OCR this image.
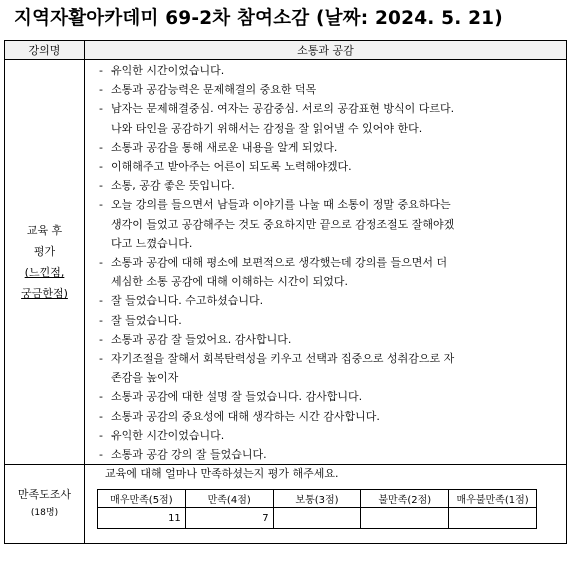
지역자활아카데미 69-2차 참여소감 (날짜: 2024. 5. 21)
강의명	소통과 공감

교육 후
평가
(느낀점,
궁금한점)

- 유익한 시간이었습니다.
- 소통과 공감능력은 문제해결의 중요한 덕목
- 남자는 문제해결중심. 여자는 공감중심. 서로의 공감표현 방식이 다르다.
나와 타인을 공감하기 위해서는 감정을 잘 읽어낼 수 있어야 한다.
- 소통과 공감을 통해 새로운 내용을 알게 되었다.
- 이해해주고 받아주는 어른이 되도록 노력해야겠다.
- 소통, 공감 좋은 뜻입니다.
- 오늘 강의를 들으면서 남들과 이야기를 나눌 때 소통이 정말 중요하다는
생각이 들었고 공감해주는 것도 중요하지만 끝으로 감정조절도 잘해야겠
다고 느꼈습니다.
- 소통과 공감에 대해 평소에 보편적으로 생각했는데 강의를 들으면서 더
세심한 소통 공감에 대해 이해하는 시간이 되었다.
- 잘 들었습니다. 수고하셨습니다.
- 잘 들었습니다.
- 소통과 공감 잘 들었어요. 감사합니다.
- 자기조절을 잘해서 회복탄력성을 키우고 선택과 집중으로 성취감으로 자
존감을 높이자
- 소통과 공감에 대한 설명 잘 들었습니다. 감사합니다.
- 소통과 공감의 중요성에 대해 생각하는 시간 감사합니다.
- 유익한 시간이었습니다.
- 소통과 공감 강의 잘 들었습니다.

만족도조사
(18명)

교육에 대해 얼마나 만족하셨는지 평가 해주세요.
매우만족(5점)	만족(4점)	보통(3점)	불만족(2점)	매우불만족(1점)
11	7			
